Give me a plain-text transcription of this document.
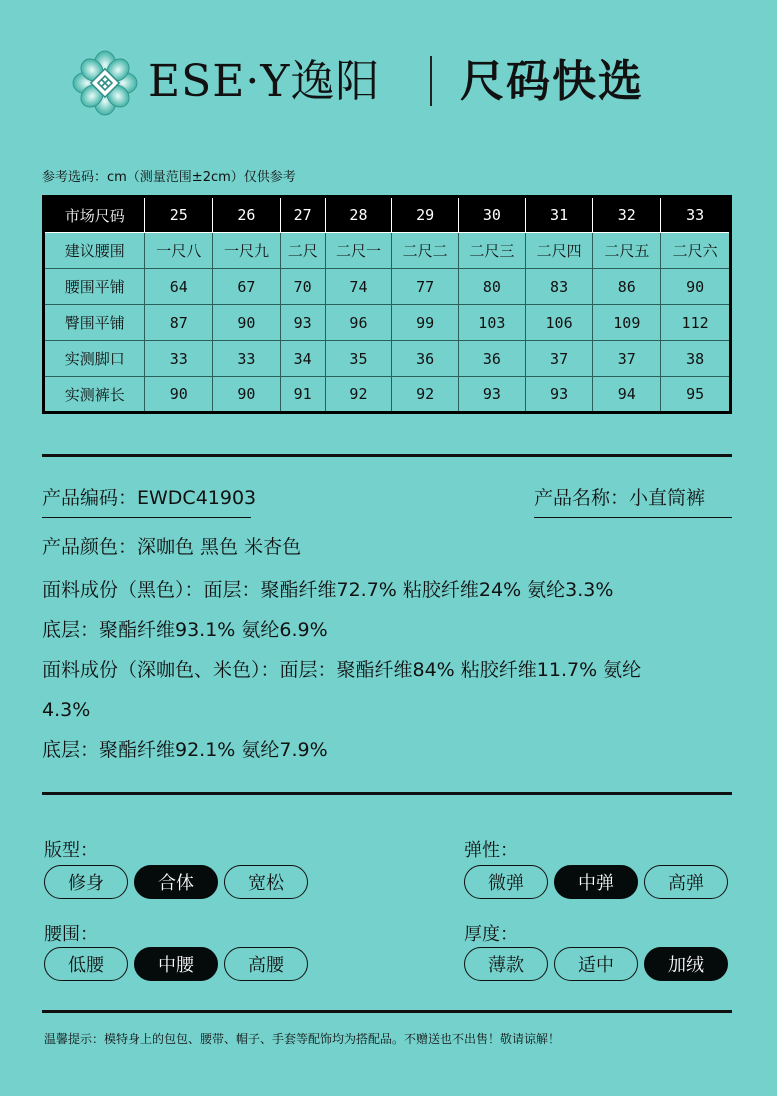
ESE·Y逸阳 尺码快选
参考选码：cm（测量范围±2cm）仅供参考
市场尺码	25	26	27	28	29	30	31	32	33
建议腰围	一尺八	一尺九	二尺	二尺一	二尺二	二尺三	二尺四	二尺五	二尺六
腰围平铺	64	67	70	74	77	80	83	86	90
臀围平铺	87	90	93	96	99	103	106	109	112
实测脚口	33	33	34	35	36	36	37	37	38
实测裤长	90	90	91	92	92	93	93	94	95
产品编码：EWDC41903	产品名称：小直筒裤
产品颜色：深咖色 黑色 米杏色
面料成份（黑色）：面层：聚酯纤维72.7% 粘胶纤维24% 氨纶3.3%
底层：聚酯纤维93.1% 氨纶6.9%
面料成份（深咖色、米色）：面层：聚酯纤维84% 粘胶纤维11.7% 氨纶
4.3%
底层：聚酯纤维92.1% 氨纶7.9%
版型：
修身	合体	宽松
弹性：
微弹	中弹	高弹
腰围：
低腰	中腰	高腰
厚度：
薄款	适中	加绒
温馨提示：模特身上的包包、腰带、帽子、手套等配饰均为搭配品。不赠送也不出售！敬请谅解！
